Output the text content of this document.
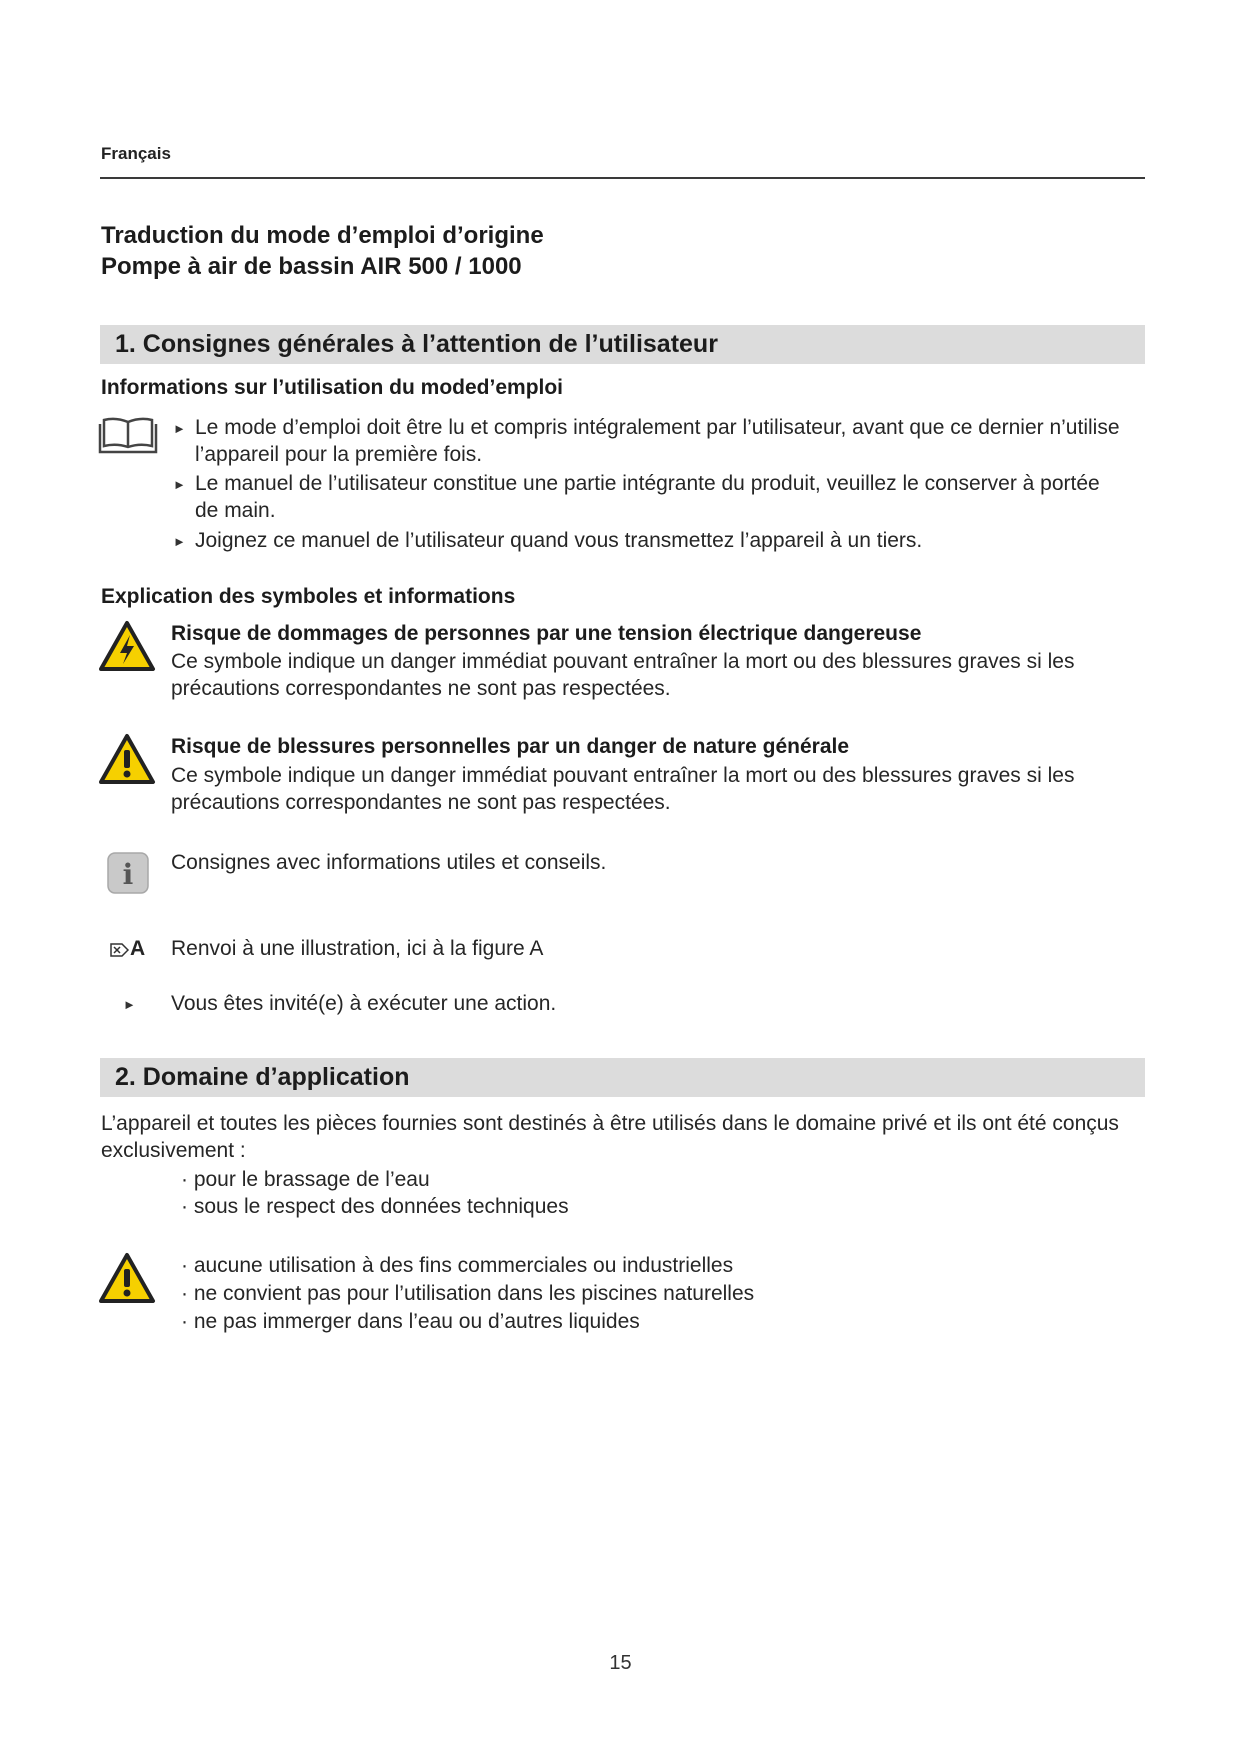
Français
Traduction du mode d’emploi d’origine
Pompe à air de bassin AIR 500 / 1000
1. Consignes générales à l’attention de l’utilisateur
Informations sur l’utilisation du moded’emploi
► Le mode d’emploi doit être lu et compris intégralement par l’utilisateur, avant que ce dernier n’utilise
l’appareil pour la première fois.
► Le manuel de l’utilisateur constitue une partie intégrante du produit, veuillez le conserver à portée
de main.
► Joignez ce manuel de l’utilisateur quand vous transmettez l’appareil à un tiers.
Explication des symboles et informations
Risque de dommages de personnes par une tension électrique dangereuse
Ce symbole indique un danger immédiat pouvant entraîner la mort ou des blessures graves si les
précautions correspondantes ne sont pas respectées.
Risque de blessures personnelles par un danger de nature générale
Ce symbole indique un danger immédiat pouvant entraîner la mort ou des blessures graves si les
précautions correspondantes ne sont pas respectées.
i Consignes avec informations utiles et conseils.
A Renvoi à une illustration, ici à la figure A
► Vous êtes invité(e) à exécuter une action.
2. Domaine d’application
L’appareil et toutes les pièces fournies sont destinés à être utilisés dans le domaine privé et ils ont été conçus
exclusivement :
· pour le brassage de l’eau
· sous le respect des données techniques
· aucune utilisation à des fins commerciales ou industrielles
· ne convient pas pour l’utilisation dans les piscines naturelles
· ne pas immerger dans l’eau ou d’autres liquides
15
